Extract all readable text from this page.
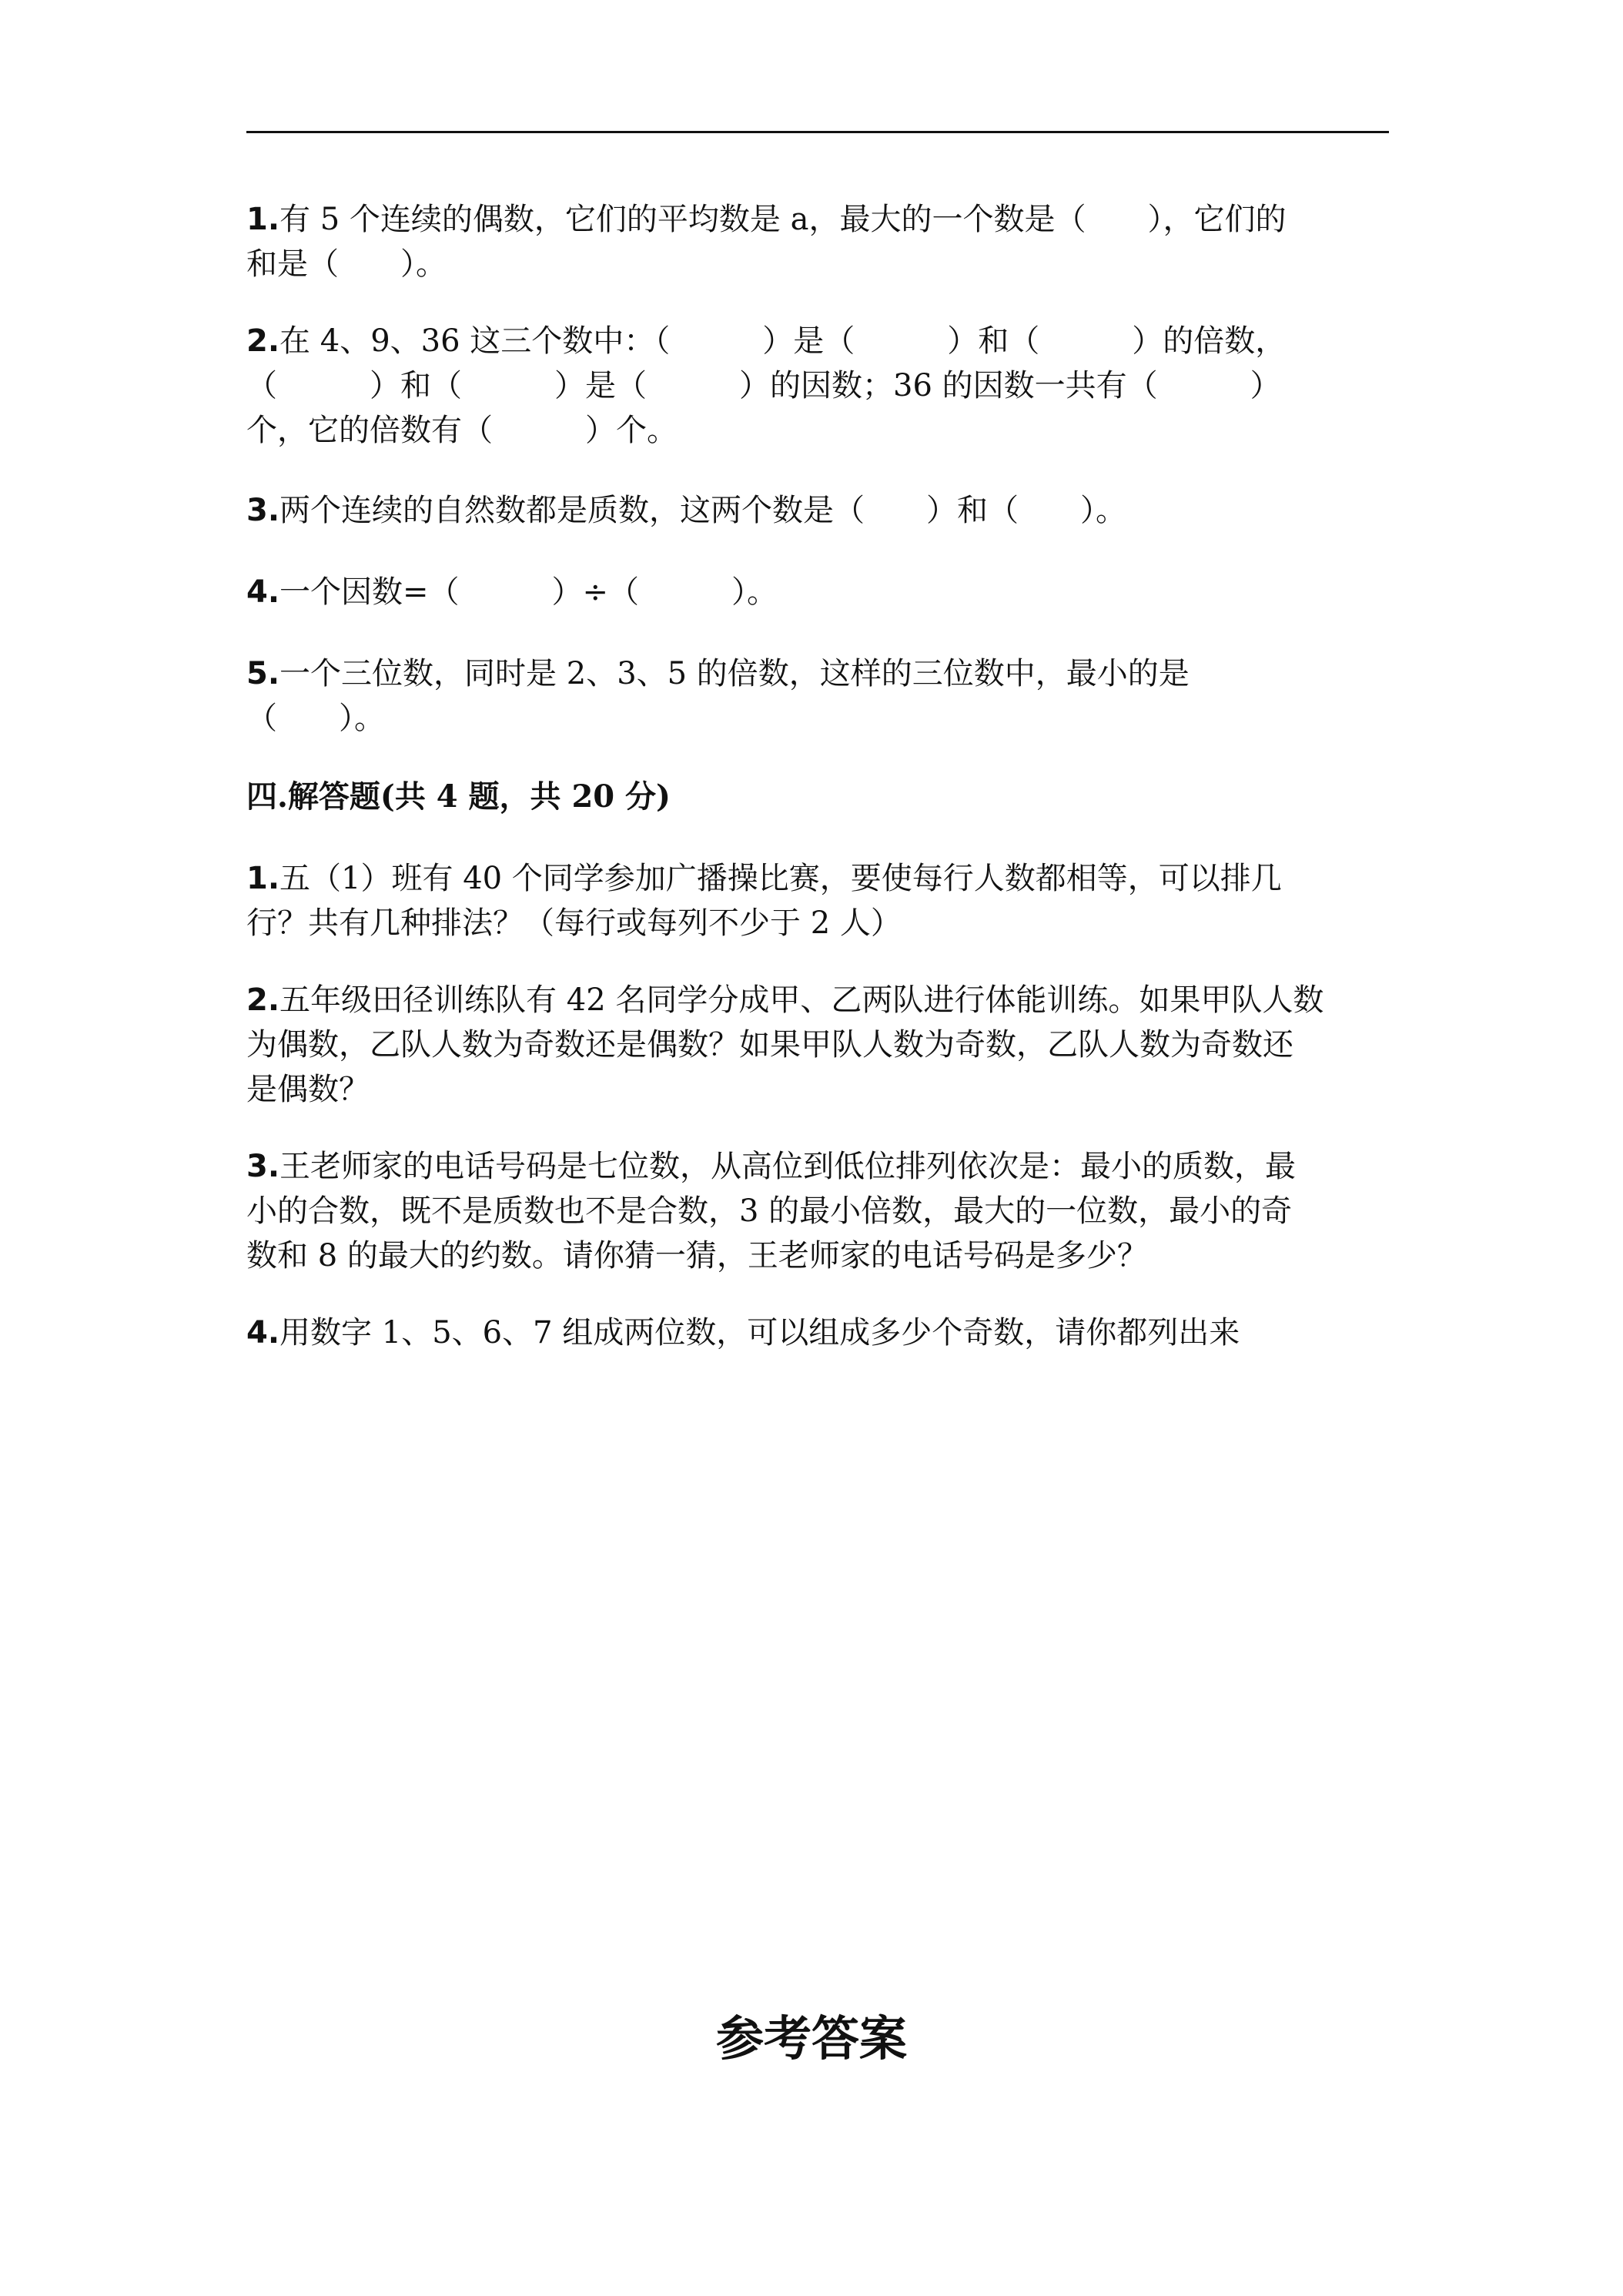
1.有 5 个连续的偶数，它们的平均数是 a，最大的一个数是（　　），它们的
和是（　　）。
2.在 4、9、36 这三个数中：（　　　）是（　　　）和（　　　）的倍数，
（　　　）和（　　　）是（　　　）的因数；36 的因数一共有（　　　）
个，它的倍数有（　　　）个。
3.两个连续的自然数都是质数，这两个数是（　　）和（　　）。
4.一个因数=（　　　）÷（　　　）。
5.一个三位数，同时是 2、3、5 的倍数，这样的三位数中，最小的是
（　　）。
四.解答题(共 4 题，共 20 分)
1.五（1）班有 40 个同学参加广播操比赛，要使每行人数都相等，可以排几
行？共有几种排法？（每行或每列不少于 2 人）
2.五年级田径训练队有 42 名同学分成甲、乙两队进行体能训练。如果甲队人数
为偶数，乙队人数为奇数还是偶数？如果甲队人数为奇数，乙队人数为奇数还
是偶数？
3.王老师家的电话号码是七位数，从高位到低位排列依次是：最小的质数，最
小的合数，既不是质数也不是合数，3 的最小倍数，最大的一位数，最小的奇
数和 8 的最大的约数。请你猜一猜，王老师家的电话号码是多少？
4.用数字 1、5、6、7 组成两位数，可以组成多少个奇数，请你都列出来
参考答案
